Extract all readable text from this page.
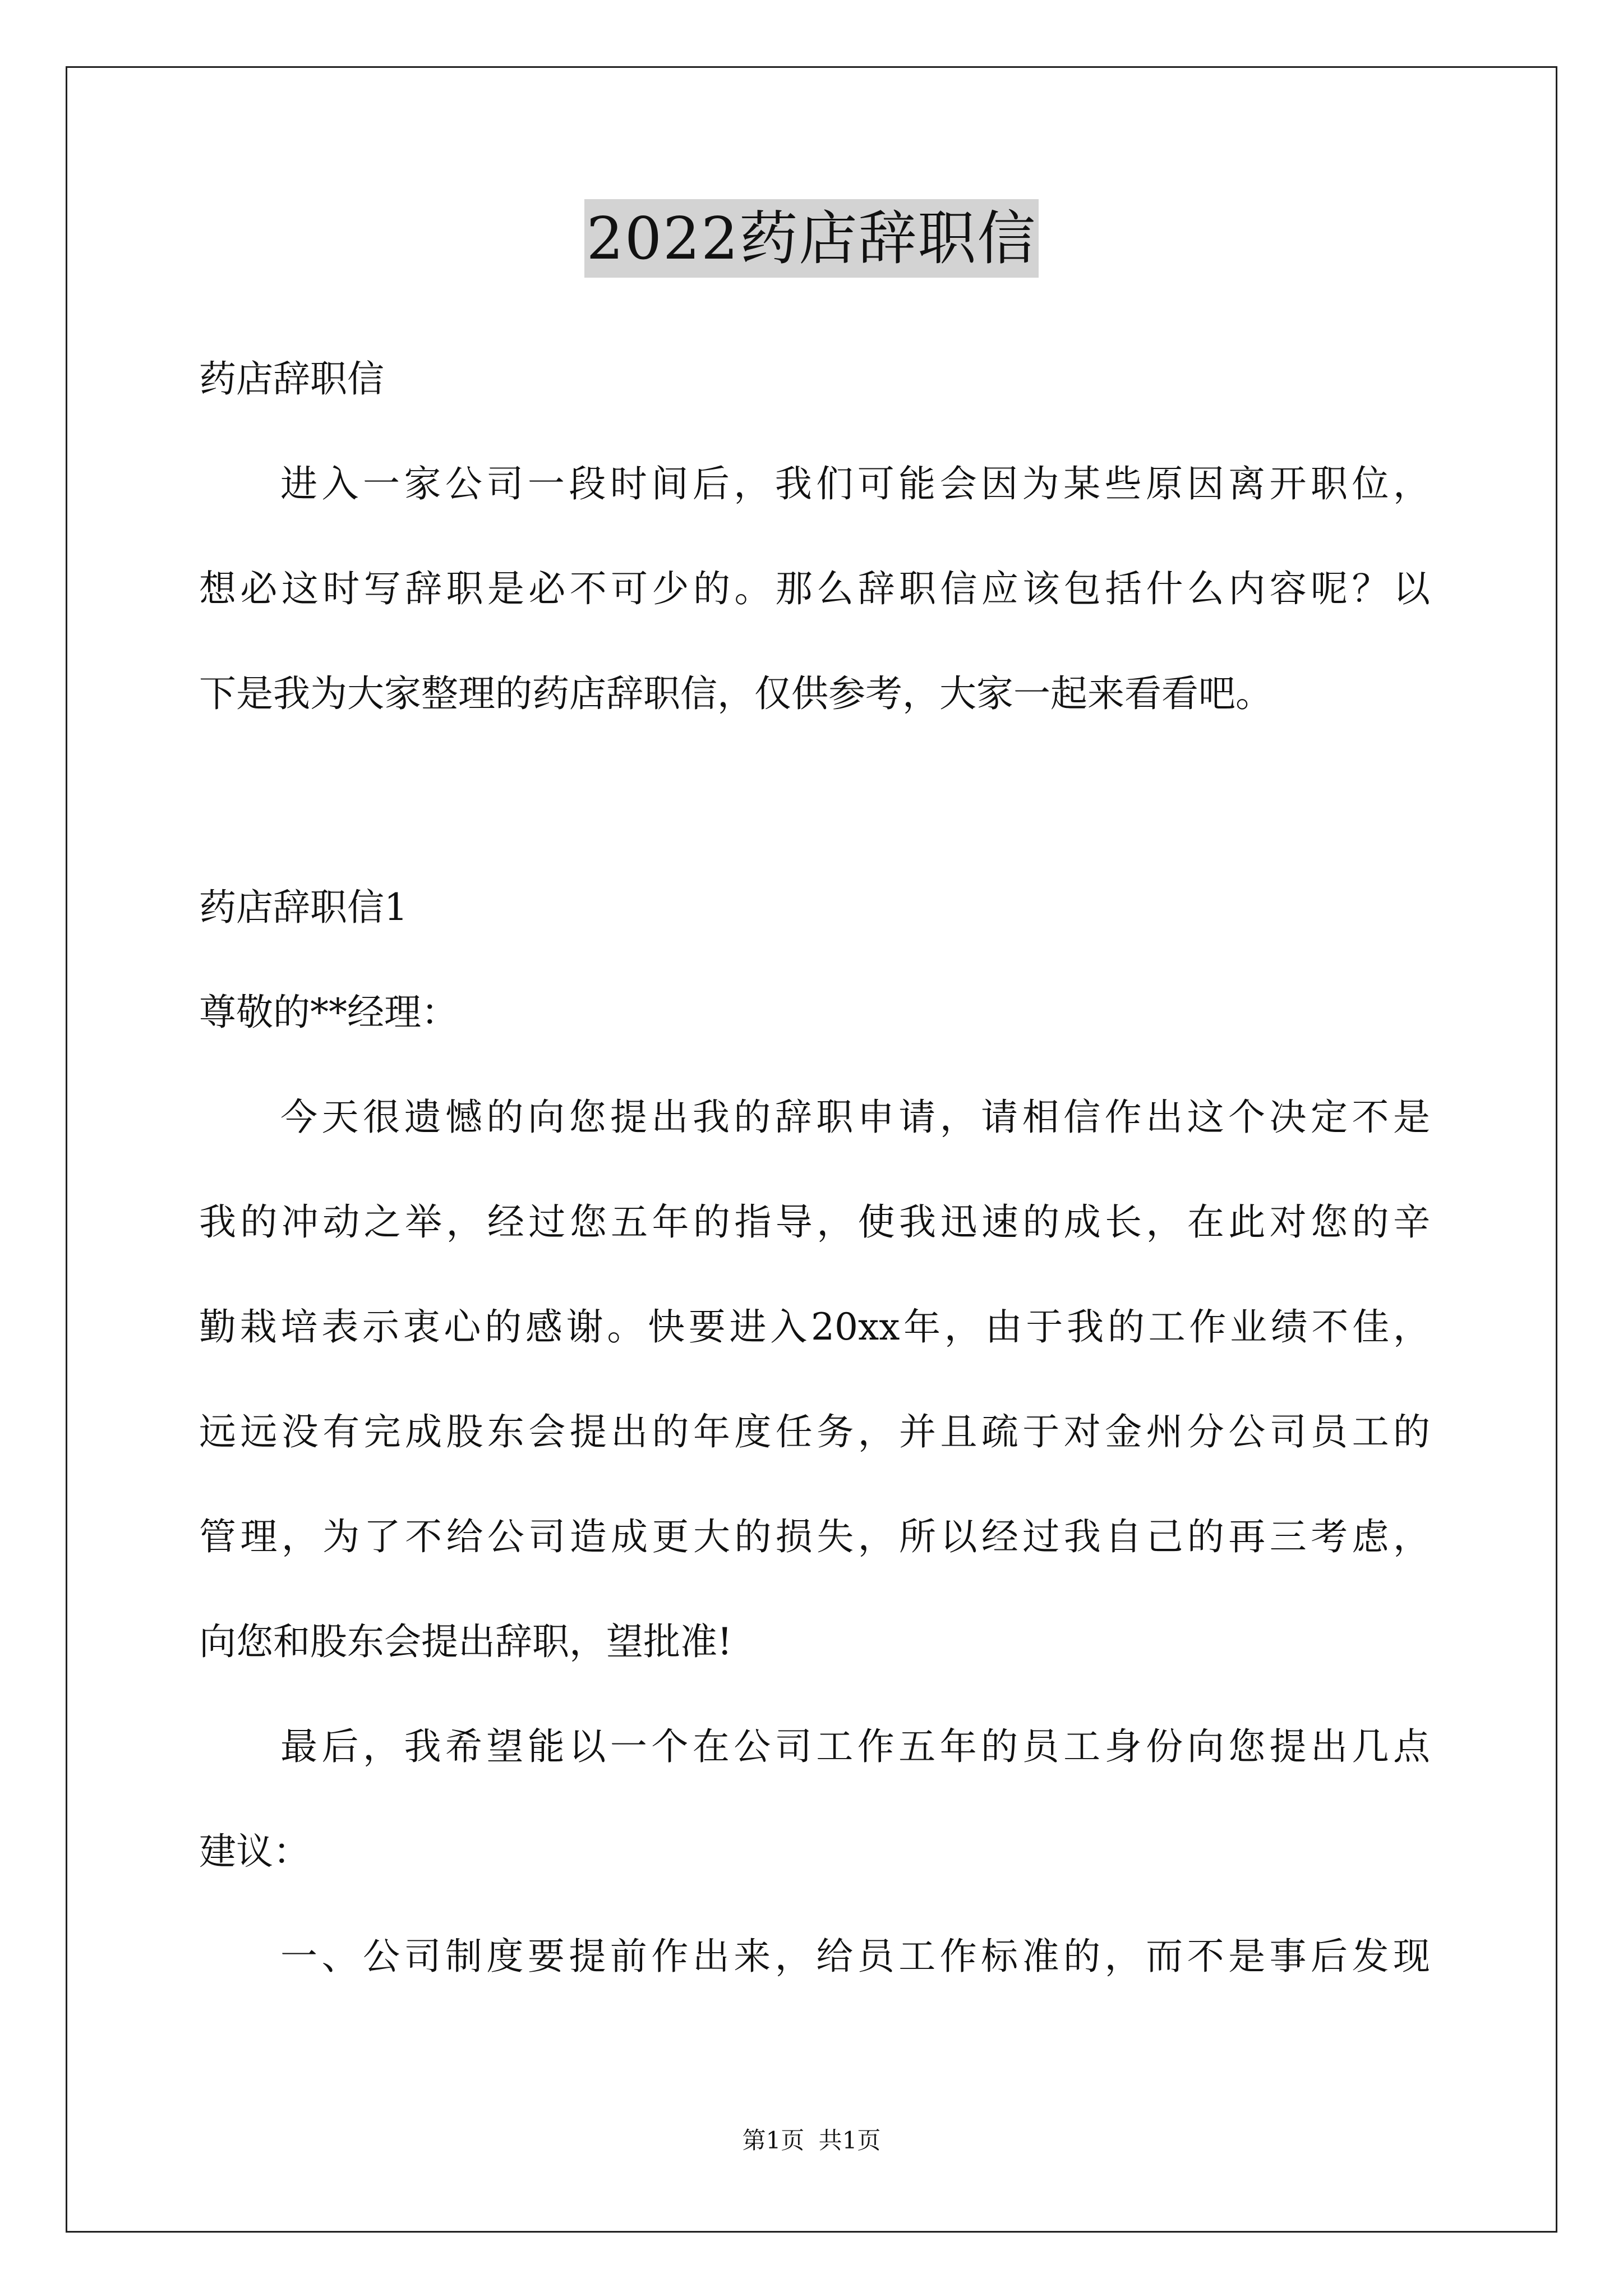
2022药店辞职信
药店辞职信
进入一家公司一段时间后，我们可能会因为某些原因离开职位，
想必这时写辞职是必不可少的。那么辞职信应该包括什么内容呢？以
下是我为大家整理的药店辞职信，仅供参考，大家一起来看看吧。
药店辞职信1
尊敬的**经理：
今天很遗憾的向您提出我的辞职申请，请相信作出这个决定不是
我的冲动之举，经过您五年的指导，使我迅速的成长，在此对您的辛
勤栽培表示衷心的感谢。快要进入20xx年，由于我的工作业绩不佳，
远远没有完成股东会提出的年度任务，并且疏于对金州分公司员工的
管理，为了不给公司造成更大的损失，所以经过我自己的再三考虑，
向您和股东会提出辞职，望批准!
最后，我希望能以一个在公司工作五年的员工身份向您提出几点
建议：
一、公司制度要提前作出来，给员工作标准的，而不是事后发现
第1页 共1页
